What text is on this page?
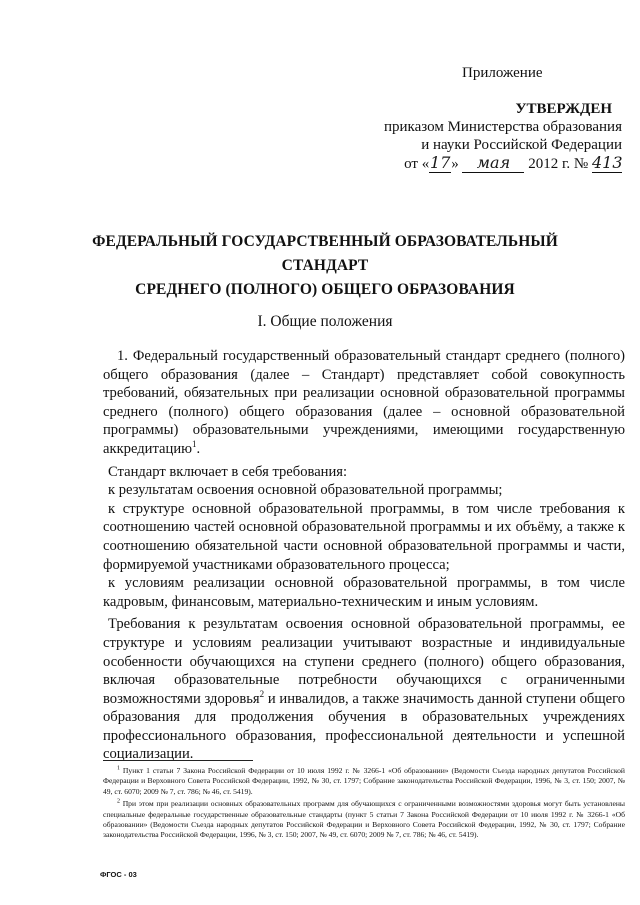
Приложение
УТВЕРЖДЕН
приказом Министерства образования
и науки Российской Федерации
от «17» мая 2012 г. № 413
ФЕДЕРАЛЬНЫЙ ГОСУДАРСТВЕННЫЙ ОБРАЗОВАТЕЛЬНЫЙ СТАНДАРТ
СРЕДНЕГО (ПОЛНОГО) ОБЩЕГО ОБРАЗОВАНИЯ
I. Общие положения

1. Федеральный государственный образовательный стандарт среднего (полного) общего образования (далее – Стандарт) представляет собой совокупность требований, обязательных при реализации основной образовательной программы среднего (полного) общего образования (далее – основной образовательной программы) образовательными учреждениями, имеющими государственную аккредитацию$^1$.

Стандарт включает в себя требования:

к результатам освоения основной образовательной программы;

к структуре основной образовательной программы, в том числе требования к соотношению частей основной образовательной программы и их объёму, а также к соотношению обязательной части основной образовательной программы и части, формируемой участниками образовательного процесса;

к условиям реализации основной образовательной программы, в том числе кадровым, финансовым, материально-техническим и иным условиям.

Требования к результатам освоения основной образовательной программы, ее структуре и условиям реализации учитывают возрастные и индивидуальные особенности обучающихся на ступени среднего (полного) общего образования, включая образовательные потребности обучающихся с ограниченными возможностями здоровья$^2$ и инвалидов, а также значимость данной ступени общего образования для продолжения обучения в образовательных учреждениях профессионального образования, профессиональной деятельности и успешной социализации.

$^1$ Пункт 1 статьи 7 Закона Российской Федерации от 10 июля 1992 г. № 3266-1 «Об образовании» (Ведомости Съезда народных депутатов Российской Федерации и Верховного Совета Российской Федерации, 1992, № 30, ст. 1797; Собрание законодательства Российской Федерации, 1996, № 3, ст. 150; 2007, № 49, ст. 6070; 2009 № 7, ст. 786; № 46, ст. 5419).

$^2$ При этом при реализации основных образовательных программ для обучающихся с ограниченными возможностями здоровья могут быть установлены специальные федеральные государственные образовательные стандарты (пункт 5 статьи 7 Закона Российской Федерации от 10 июля 1992 г. № 3266-1 «Об образовании» (Ведомости Съезда народных депутатов Российской Федерации и Верховного Совета Российской Федерации, 1992, № 30, ст. 1797; Собрание законодательства Российской Федерации, 1996, № 3, ст. 150; 2007, № 49, ст. 6070; 2009 № 7, ст. 786; № 46, ст. 5419).

ФГОС - 03
